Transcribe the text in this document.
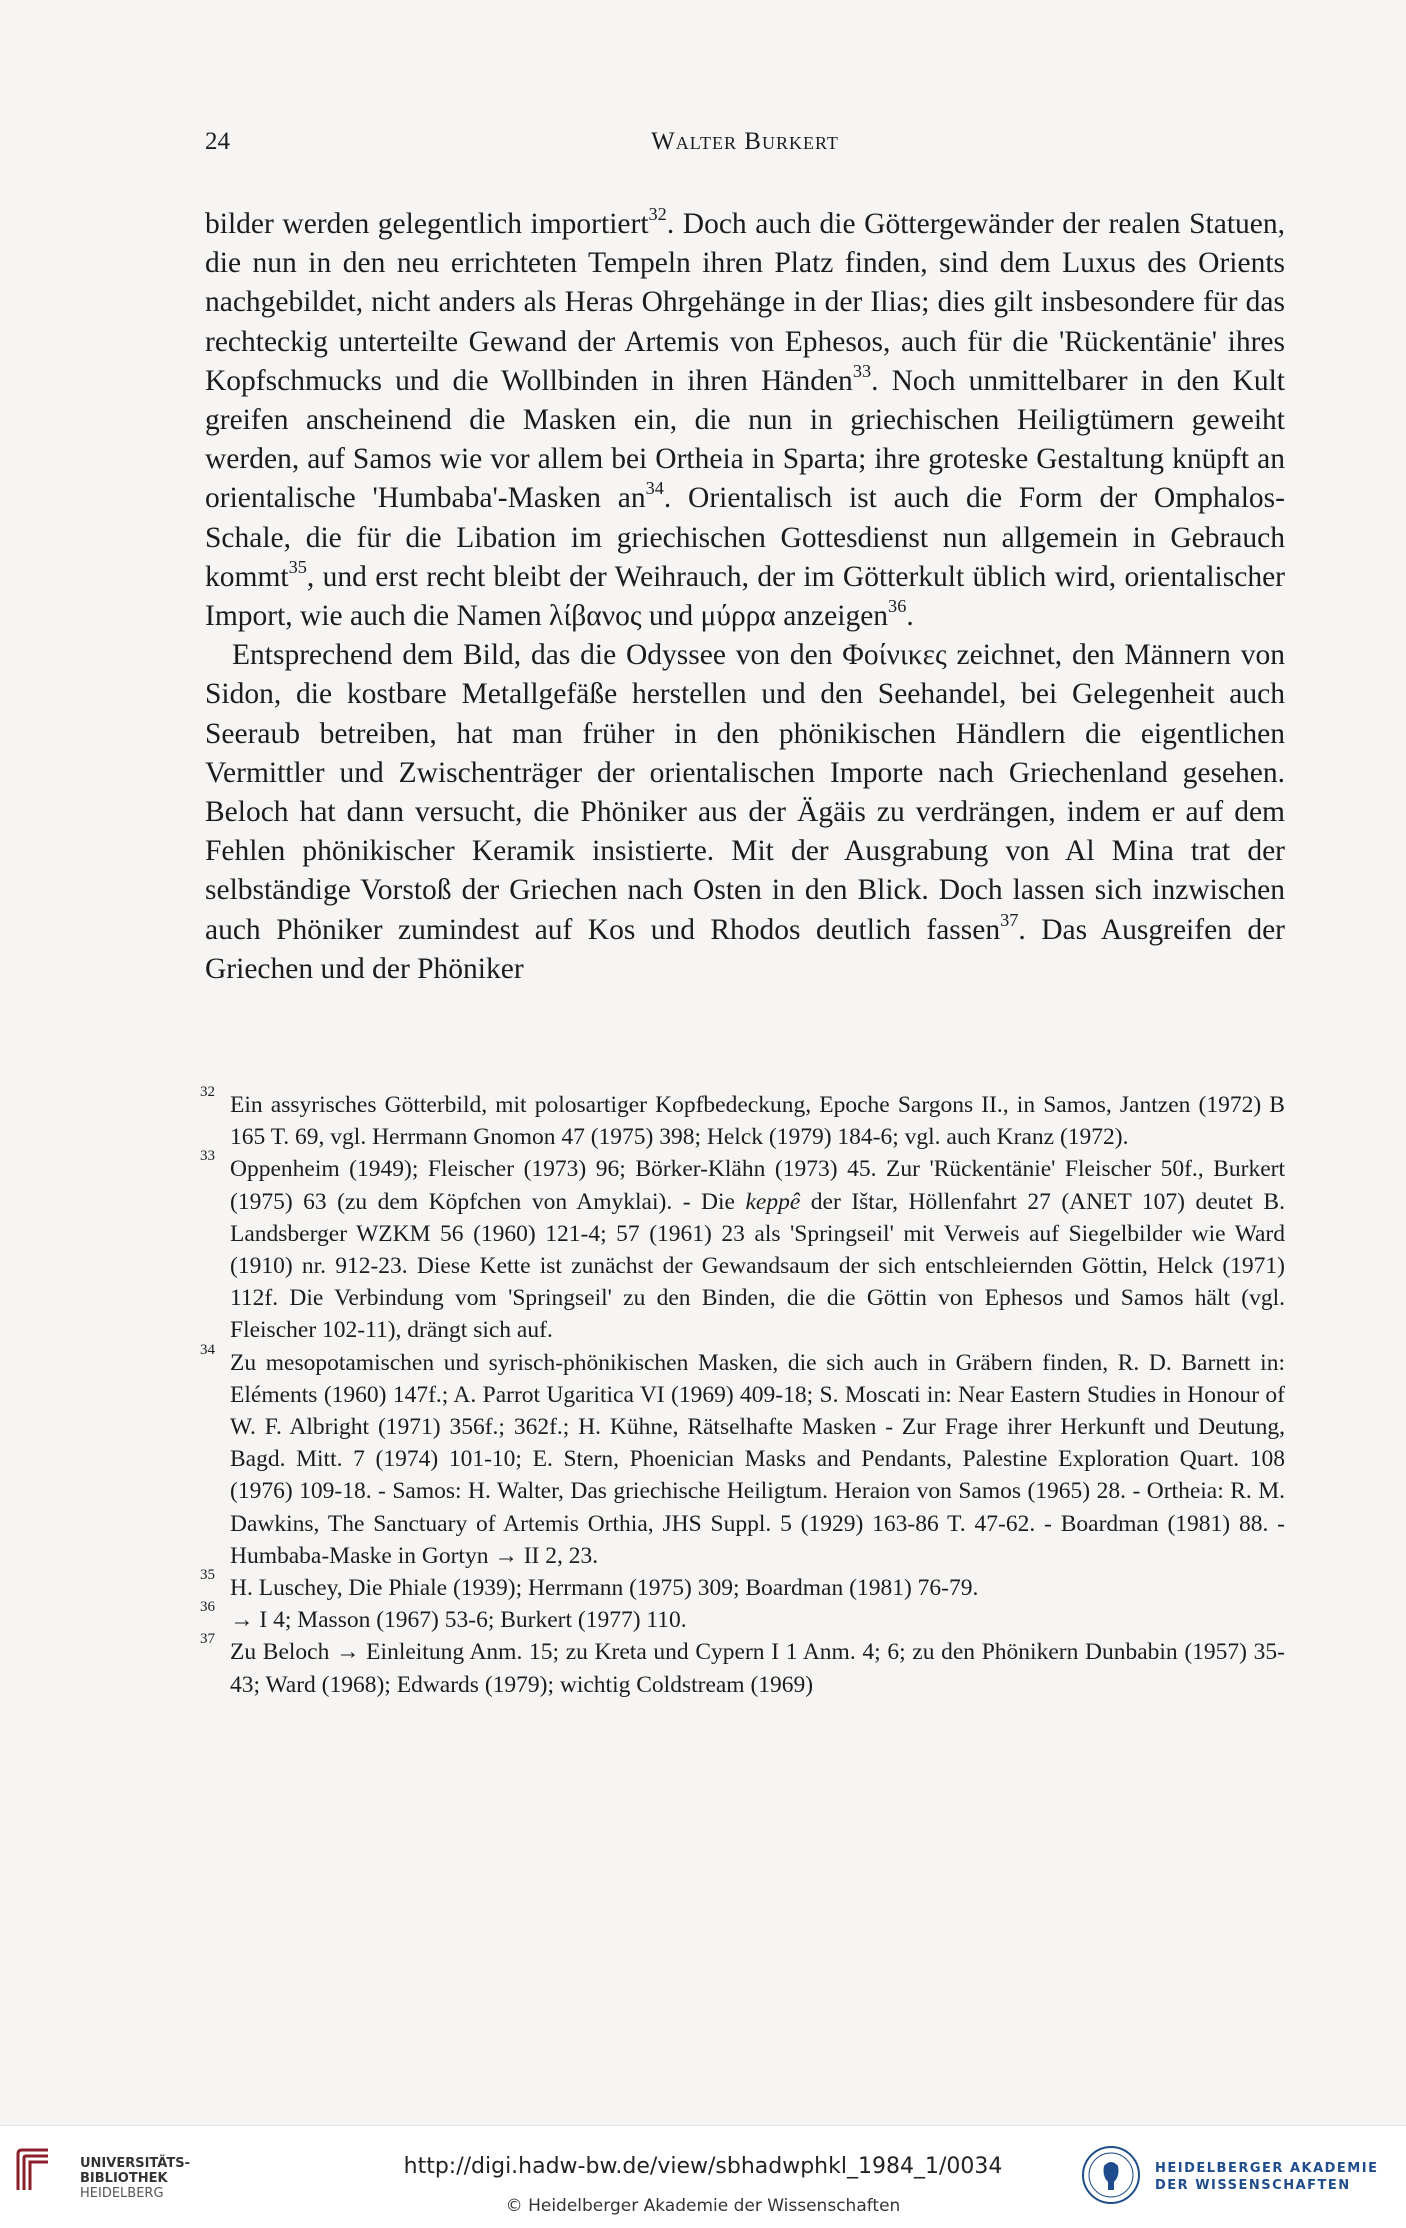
24	Walter Burkert

bilder werden gelegentlich importiert$^{32}$. Doch auch die Göttergewänder der realen Statuen, die nun in den neu errichteten Tempeln ihren Platz finden, sind dem Luxus des Orients nachgebildet, nicht anders als Heras Ohrgehänge in der Ilias; dies gilt insbesondere für das rechteckig unterteilte Gewand der Artemis von Ephesos, auch für die 'Rückentänie' ihres Kopfschmucks und die Wollbinden in ihren Händen$^{33}$. Noch unmittelbarer in den Kult greifen anscheinend die Masken ein, die nun in griechischen Heiligtümern geweiht werden, auf Samos wie vor allem bei Ortheia in Sparta; ihre groteske Gestaltung knüpft an orientalische 'Humbaba'-Masken $an^{34}$. Orientalisch ist auch die Form der Omphalos-Schale, die für die Libation im griechischen Gottesdienst nun allgemein in Gebrauch kommt$^{35}$, und erst recht bleibt der Weihrauch, der im Götterkult üblich wird, orientalischer Import, wie auch die Namen λίβανος und μύρρα anzeigen$^{36}$.

Entsprechend dem Bild, das die Odyssee von den Φοίνικες zeichnet, den Männern von Sidon, die kostbare Metallgefäße herstellen und den Seehandel, bei Gelegenheit auch Seeraub betreiben, hat man früher in den phönikischen Händlern die eigentlichen Vermittler und Zwischenträger der orientalischen Importe nach Griechenland gesehen. Beloch hat dann versucht, die Phöniker aus der Ägäis zu verdrängen, indem er auf dem Fehlen phönikischer Keramik insistierte. Mit der Ausgrabung von Al Mina trat der selbständige Vorstoß der Griechen nach Osten in den Blick. Doch lassen sich inzwischen auch Phöniker zumindest auf Kos und Rhodos deutlich fassen$^{37}$. Das Ausgreifen der Griechen und der Phöniker

32 Ein assyrisches Götterbild, mit polosartiger Kopfbedeckung, Epoche Sargons II., in Samos, Jantzen (1972) B 165 T. 69, vgl. Herrmann Gnomon 47 (1975) 398; Helck (1979) 184-6; vgl. auch Kranz (1972).

33 Oppenheim (1949); Fleischer (1973) 96; Börker-Klähn (1973) 45. Zur 'Rückentänie' Fleischer 50f., Burkert (1975) 63 (zu dem Köpfchen von Amyklai). - Die keppê der Ištar, Höllenfahrt 27 (ANET 107) deutet B. Landsberger WZKM 56 (1960) 121-4; 57 (1961) 23 als 'Springseil' mit Verweis auf Siegelbilder wie Ward (1910) nr. 912-23. Diese Kette ist zunächst der Gewandsaum der sich entschleiernden Göttin, Helck (1971) 112f. Die Verbindung vom 'Springseil' zu den Binden, die die Göttin von Ephesos und Samos hält (vgl. Fleischer 102-11), drängt sich auf.

34 Zu mesopotamischen und syrisch-phönikischen Masken, die sich auch in Gräbern finden, R. D. Barnett in: Eléments (1960) 147f.; A. Parrot Ugaritica VI (1969) 409-18; S. Moscati in: Near Eastern Studies in Honour of W. F. Albright (1971) 356f.; 362f.; H. Kühne, Rätselhafte Masken - Zur Frage ihrer Herkunft und Deutung, Bagd. Mitt. 7 (1974) 101-10; E. Stern, Phoenician Masks and Pendants, Palestine Exploration Quart. 108 (1976) 109-18. - Samos: H. Walter, Das griechische Heiligtum. Heraion von Samos (1965) 28. - Ortheia: R. M. Dawkins, The Sanctuary of Artemis Orthia, JHS Suppl. 5 (1929) 163-86 T. 47-62. - Boardman (1981) 88. - Humbaba-Maske in Gortyn → II 2, 23.

35 H. Luschey, Die Phiale (1939); Herrmann (1975) 309; Boardman (1981) 76-79.

36 → I 4; Masson (1967) 53-6; Burkert (1977) 110.

37 Zu Beloch → Einleitung Anm. 15; zu Kreta und Cypern I 1 Anm. 4; 6; zu den Phönikern Dunbabin (1957) 35-43; Ward (1968); Edwards (1979); wichtig Coldstream (1969)

UNIVERSITÄTS-
BIBLIOTHEK
HEIDELBERG
http://digi.hadw-bw.de/view/sbhadwphkl_1984_1/0034
© Heidelberger Akademie der Wissenschaften
HEIDELBERGER AKADEMIE
DER WISSENSCHAFTEN
